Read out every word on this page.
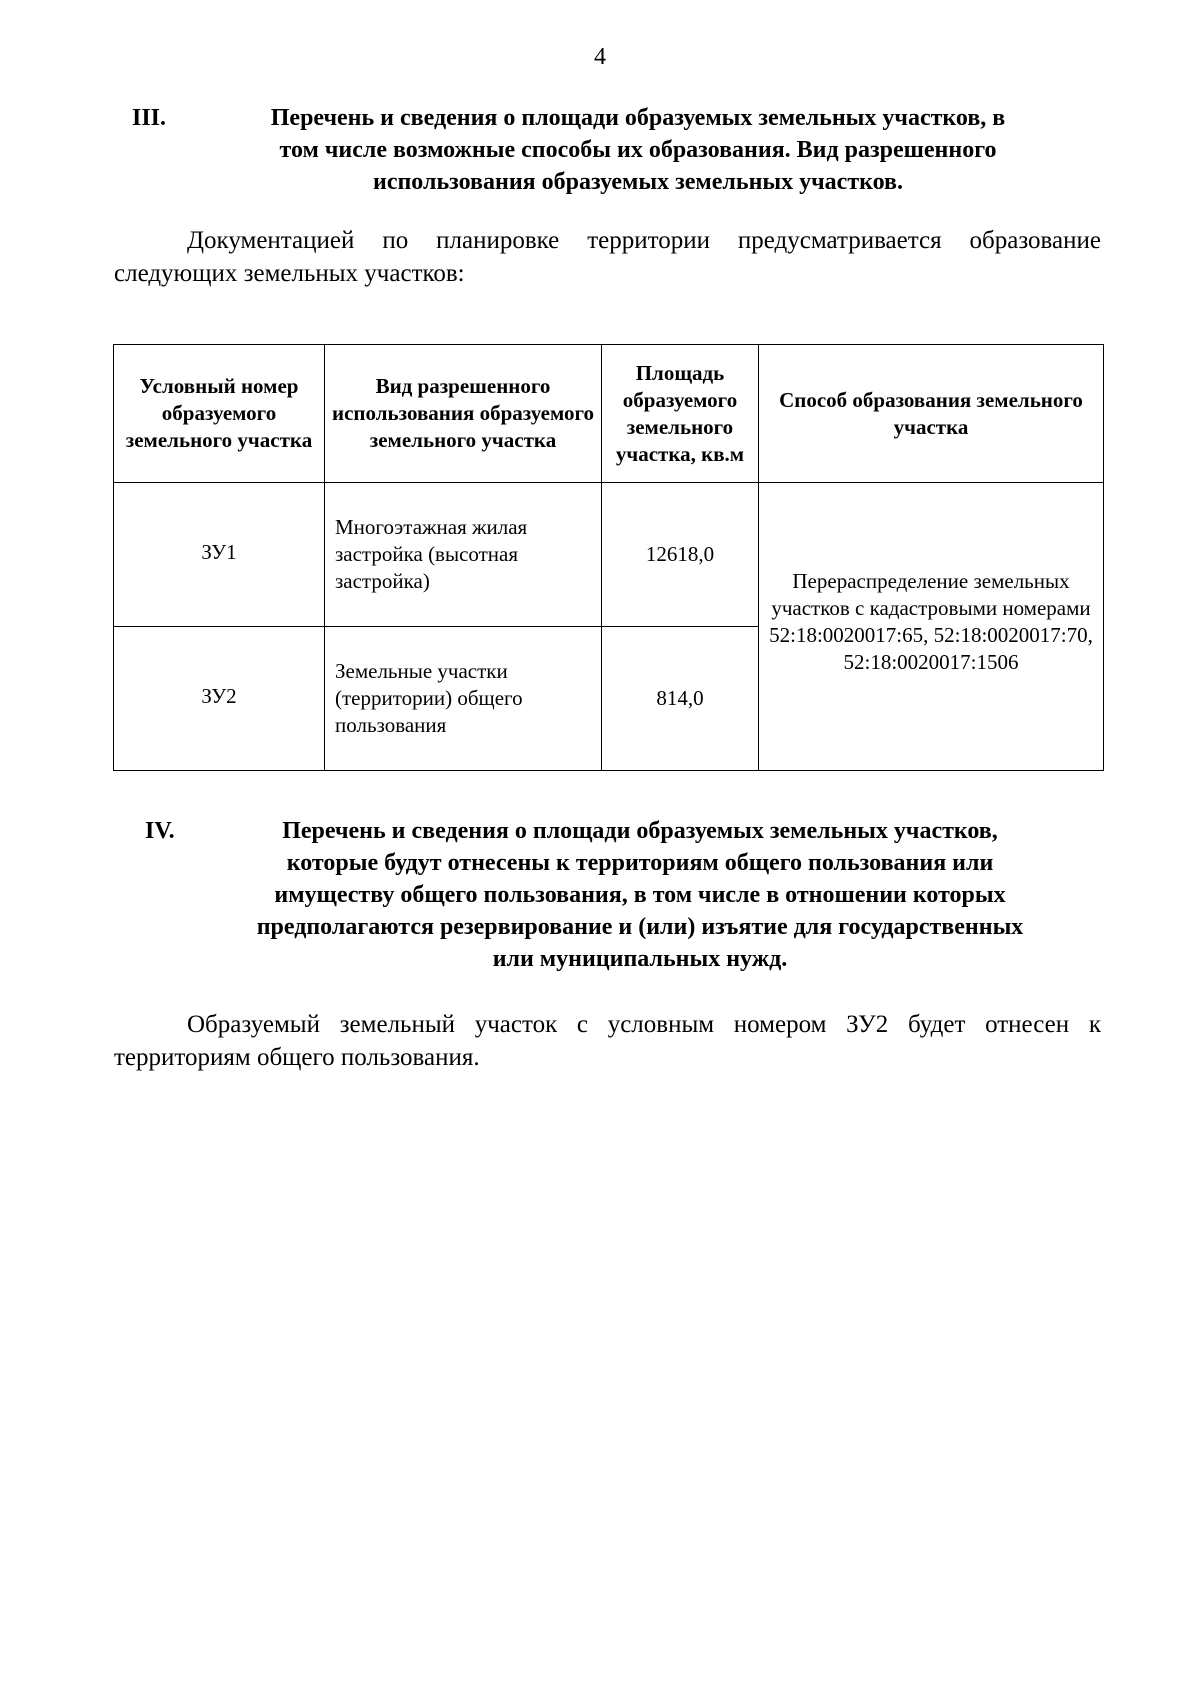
4
III.	Перечень и сведения о площади образуемых земельных участков, в
том числе возможные способы их образования. Вид разрешенного
использования образуемых земельных участков.
Документацией по планировке территории предусматривается образование
следующих земельных участков:
Условный номер образуемого земельного участка	Вид разрешенного использования образуемого земельного участка	Площадь образуемого земельного участка, кв.м	Способ образования земельного участка
ЗУ1	Многоэтажная жилая застройка (высотная застройка)	12618,0	Перераспределение земельных участков с кадастровыми номерами 52:18:0020017:65, 52:18:0020017:70, 52:18:0020017:1506
ЗУ2	Земельные участки (территории) общего пользования	814,0	
IV.	Перечень и сведения о площади образуемых земельных участков,
которые будут отнесены к территориям общего пользования или
имуществу общего пользования, в том числе в отношении которых
предполагаются резервирование и (или) изъятие для государственных
или муниципальных нужд.
Образуемый земельный участок с условным номером ЗУ2 будет отнесен к
территориям общего пользования.
